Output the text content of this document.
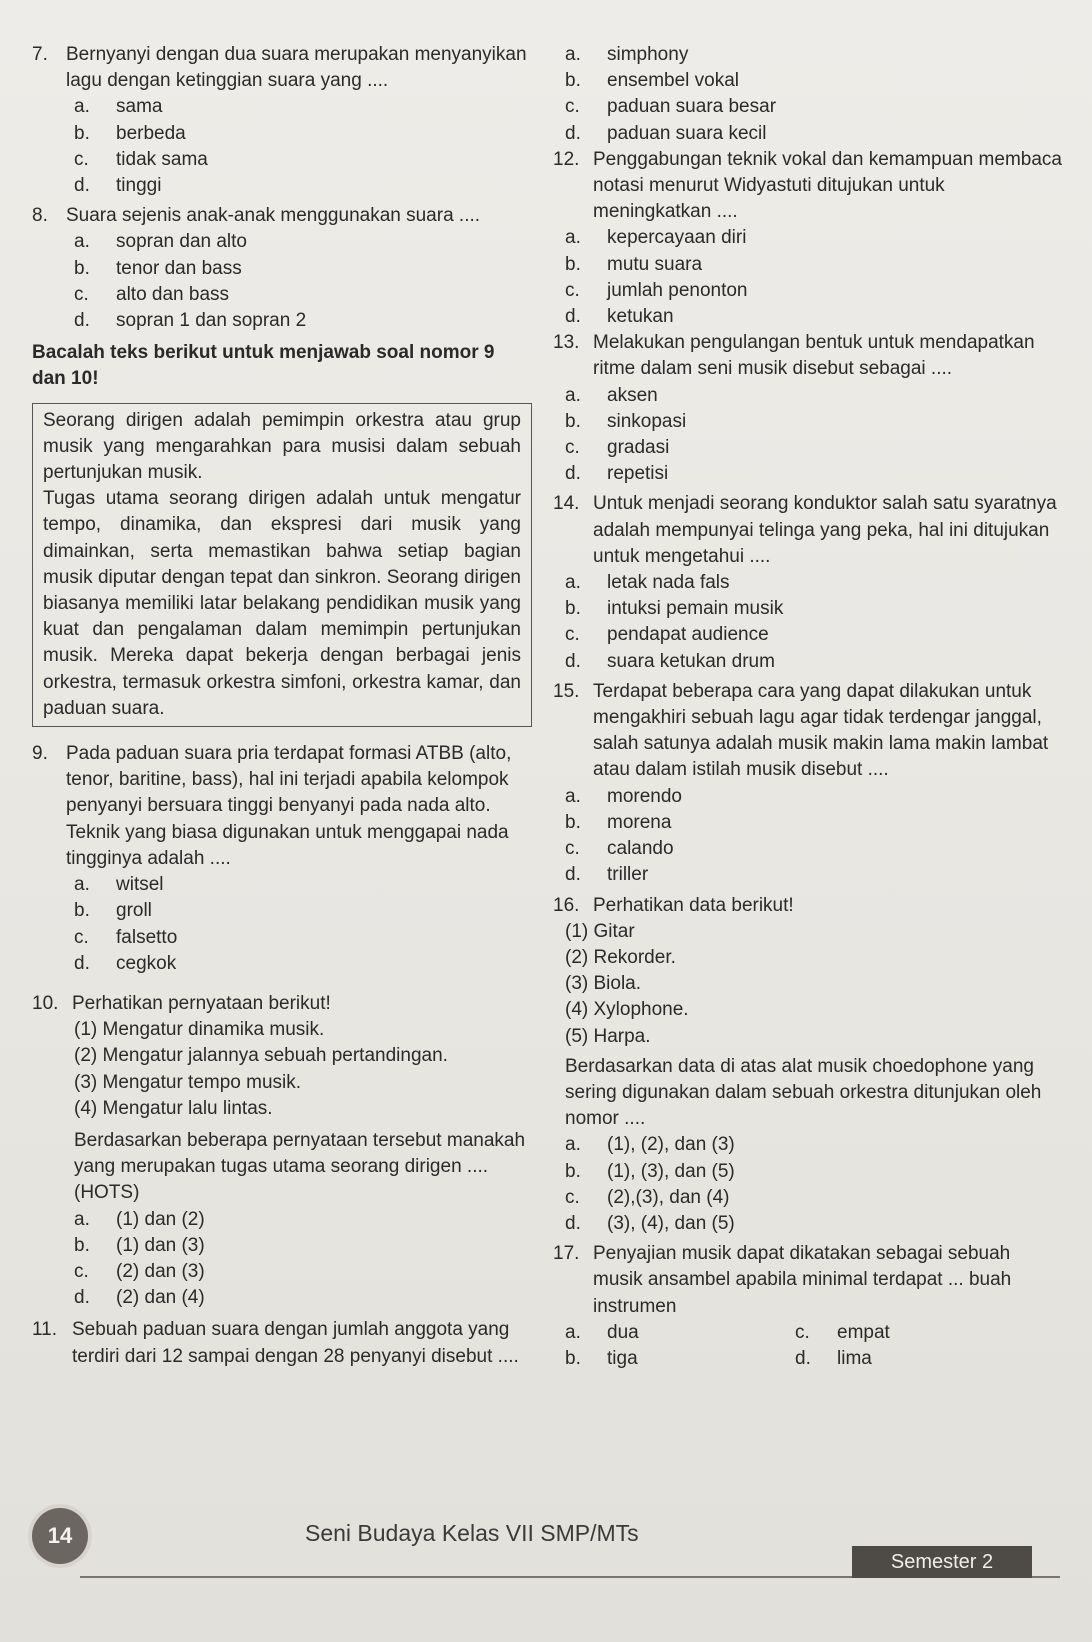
7. Bernyanyi dengan dua suara merupakan menyanyikan lagu dengan ketinggian suara yang ....
a.	sama
b.	berbeda
c.	tidak sama
d.	tinggi
8. Suara sejenis anak-anak menggunakan suara ....
a.	sopran dan alto
b.	tenor dan bass
c.	alto dan bass
d.	sopran 1 dan sopran 2
Bacalah teks berikut untuk menjawab soal nomor 9 dan 10!
Seorang dirigen adalah pemimpin orkestra atau grup musik yang mengarahkan para musisi dalam sebuah pertunjukan musik.
Tugas utama seorang dirigen adalah untuk mengatur tempo, dinamika, dan ekspresi dari musik yang dimainkan, serta memastikan bahwa setiap bagian musik diputar dengan tepat dan sinkron. Seorang dirigen biasanya memiliki latar belakang pendidikan musik yang kuat dan pengalaman dalam memimpin pertunjukan musik. Mereka dapat bekerja dengan berbagai jenis orkestra, termasuk orkestra simfoni, orkestra kamar, dan paduan suara.
9. Pada paduan suara pria terdapat formasi ATBB (alto, tenor, baritine, bass), hal ini terjadi apabila kelompok penyanyi bersuara tinggi benyanyi pada nada alto. Teknik yang biasa digunakan untuk menggapai nada tingginya adalah ....
a.	witsel
b.	groll
c.	falsetto
d.	cegkok
10. Perhatikan pernyataan berikut!
(1) Mengatur dinamika musik.
(2) Mengatur jalannya sebuah pertandingan.
(3) Mengatur tempo musik.
(4) Mengatur lalu lintas.
Berdasarkan beberapa pernyataan tersebut manakah yang merupakan tugas utama seorang dirigen .... (HOTS)
a.	(1) dan (2)
b.	(1) dan (3)
c.	(2) dan (3)
d.	(2) dan (4)
11. Sebuah paduan suara dengan jumlah anggota yang terdiri dari 12 sampai dengan 28 penyanyi disebut ....
a.	simphony
b.	ensembel vokal
c.	paduan suara besar
d.	paduan suara kecil
12. Penggabungan teknik vokal dan kemampuan membaca notasi menurut Widyastuti ditujukan untuk meningkatkan ....
a.	kepercayaan diri
b.	mutu suara
c.	jumlah penonton
d.	ketukan
13. Melakukan pengulangan bentuk untuk mendapatkan ritme dalam seni musik disebut sebagai ....
a.	aksen
b.	sinkopasi
c.	gradasi
d.	repetisi
14. Untuk menjadi seorang konduktor salah satu syaratnya adalah mempunyai telinga yang peka, hal ini ditujukan untuk mengetahui ....
a.	letak nada fals
b.	intuksi pemain musik
c.	pendapat audience
d.	suara ketukan drum
15. Terdapat beberapa cara yang dapat dilakukan untuk mengakhiri sebuah lagu agar tidak terdengar janggal, salah satunya adalah musik makin lama makin lambat atau dalam istilah musik disebut ....
a.	morendo
b.	morena
c.	calando
d.	triller
16. Perhatikan data berikut!
(1) Gitar
(2) Rekorder.
(3) Biola.
(4) Xylophone.
(5) Harpa.
Berdasarkan data di atas alat musik choedophone yang sering digunakan dalam sebuah orkestra ditunjukan oleh nomor ....
a.	(1), (2), dan (3)
b.	(1), (3), dan (5)
c.	(2),(3), dan (4)
d.	(3), (4), dan (5)
17. Penyajian musik dapat dikatakan sebagai sebuah musik ansambel apabila minimal terdapat ... buah instrumen
a.	dua
b.	tiga
c.	empat
d.	lima
14	Seni Budaya Kelas VII SMP/MTs
Semester 2
